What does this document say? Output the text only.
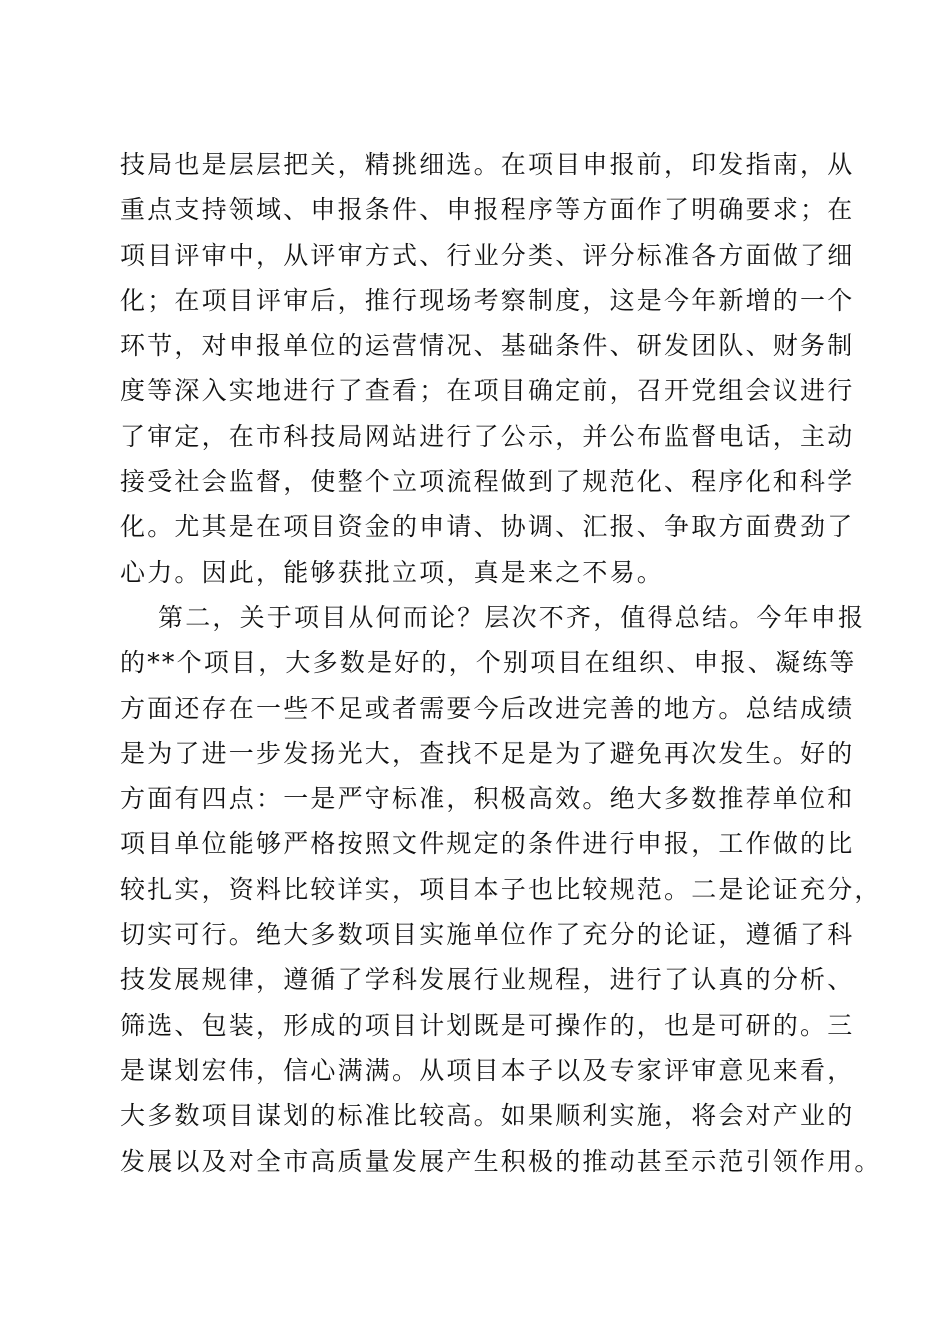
技局也是层层把关，精挑细选。在项目申报前，印发指南，从
重点支持领域、申报条件、申报程序等方面作了明确要求；在
项目评审中，从评审方式、行业分类、评分标准各方面做了细
化；在项目评审后，推行现场考察制度，这是今年新增的一个
环节，对申报单位的运营情况、基础条件、研发团队、财务制
度等深入实地进行了查看；在项目确定前，召开党组会议进行
了审定，在市科技局网站进行了公示，并公布监督电话，主动
接受社会监督，使整个立项流程做到了规范化、程序化和科学
化。尤其是在项目资金的申请、协调、汇报、争取方面费劲了
心力。因此，能够获批立项，真是来之不易。
第二，关于项目从何而论？层次不齐，值得总结。今年申报
的**个项目，大多数是好的，个别项目在组织、申报、凝练等
方面还存在一些不足或者需要今后改进完善的地方。总结成绩
是为了进一步发扬光大，查找不足是为了避免再次发生。好的
方面有四点：一是严守标准，积极高效。绝大多数推荐单位和
项目单位能够严格按照文件规定的条件进行申报，工作做的比
较扎实，资料比较详实，项目本子也比较规范。二是论证充分，
切实可行。绝大多数项目实施单位作了充分的论证，遵循了科
技发展规律，遵循了学科发展行业规程，进行了认真的分析、
筛选、包装，形成的项目计划既是可操作的，也是可研的。三
是谋划宏伟，信心满满。从项目本子以及专家评审意见来看，
大多数项目谋划的标准比较高。如果顺利实施，将会对产业的
发展以及对全市高质量发展产生积极的推动甚至示范引领作用。
